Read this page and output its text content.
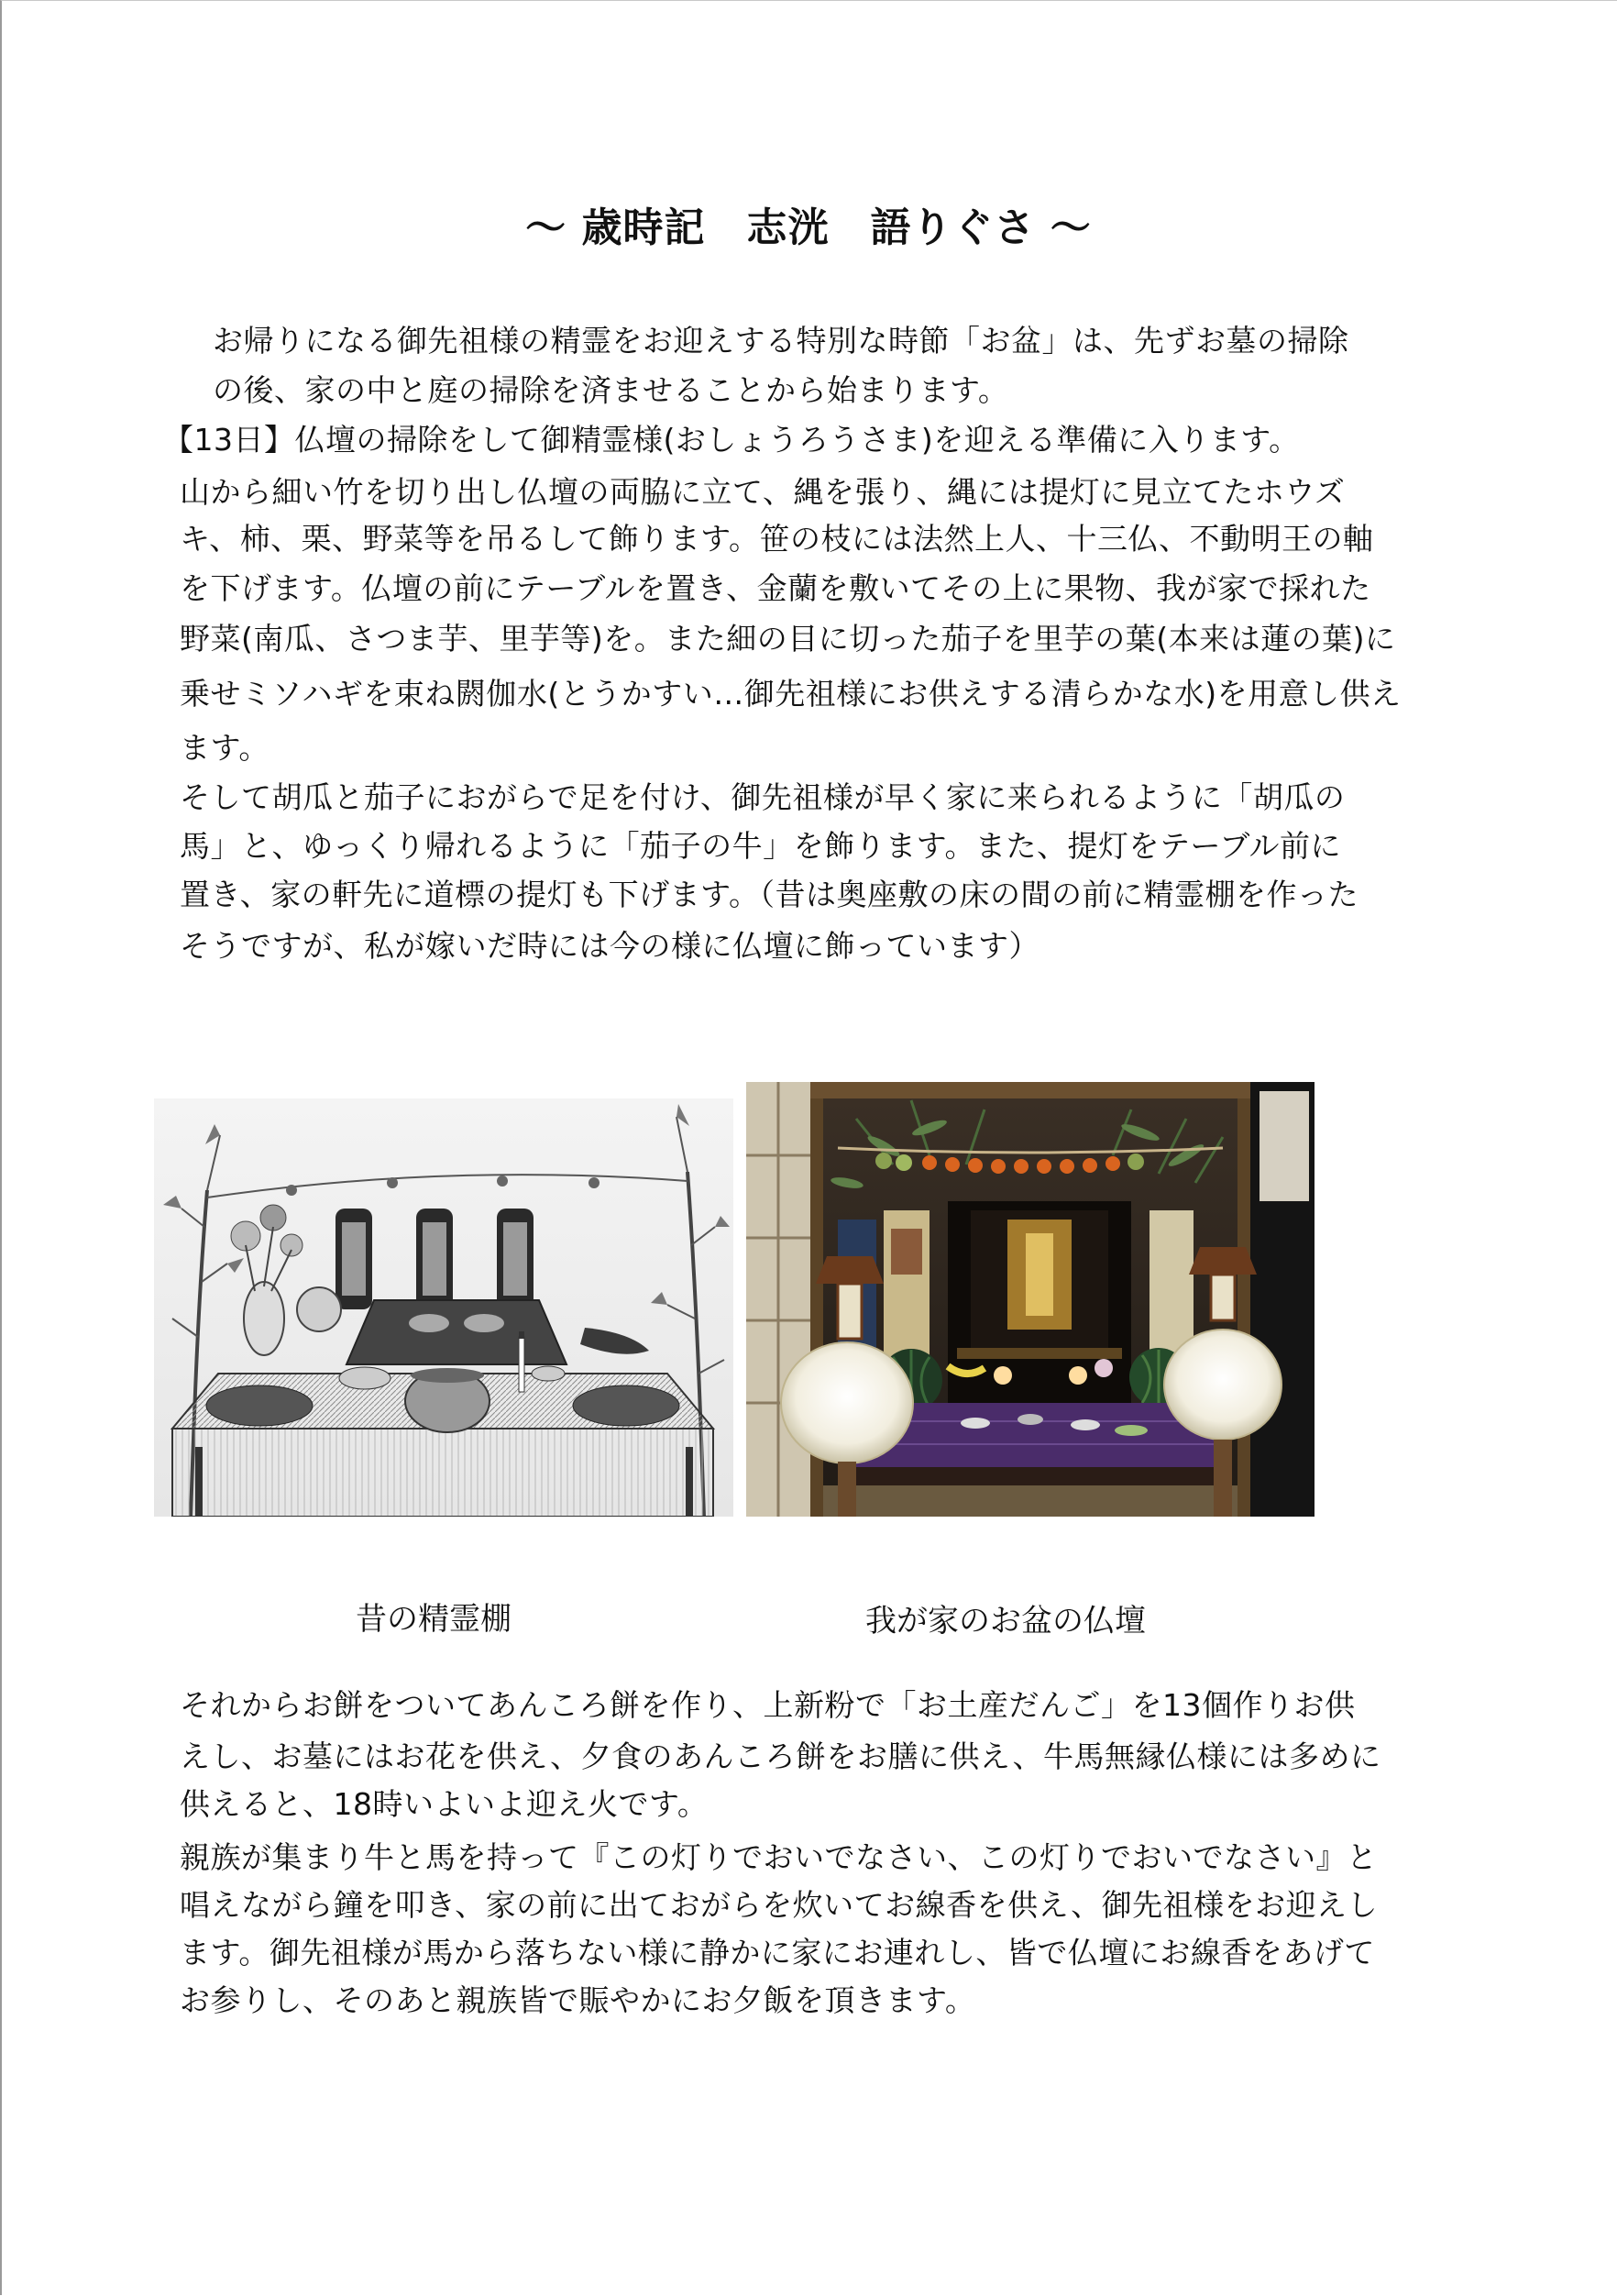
〜 歳時記　志洸　語りぐさ 〜
お帰りになる御先祖様の精霊をお迎えする特別な時節「お盆」は、先ずお墓の掃除
の後、家の中と庭の掃除を済ませることから始まります。
【13日】仏壇の掃除をして御精霊様(おしょうろうさま)を迎える準備に入ります。
山から細い竹を切り出し仏壇の両脇に立て、縄を張り、縄には提灯に見立てたホウズ
キ、柿、栗、野菜等を吊るして飾ります。笹の枝には法然上人、十三仏、不動明王の軸
を下げます。仏壇の前にテーブルを置き、金蘭を敷いてその上に果物、我が家で採れた
野菜(南瓜、さつま芋、里芋等)を。また細の目に切った茄子を里芋の葉(本来は蓮の葉)に
乗せミソハギを束ね閼伽水(とうかすい…御先祖様にお供えする清らかな水)を用意し供え
ます。
そして胡瓜と茄子におがらで足を付け、御先祖様が早く家に来られるように「胡瓜の
馬」と、ゆっくり帰れるように「茄子の牛」を飾ります。また、提灯をテーブル前に
置き、家の軒先に道標の提灯も下げます。（昔は奥座敷の床の間の前に精霊棚を作った
そうですが、私が嫁いだ時には今の様に仏壇に飾っています）
昔の精霊棚	我が家のお盆の仏壇
それからお餅をついてあんころ餅を作り、上新粉で「お土産だんご」を13個作りお供
えし、お墓にはお花を供え、夕食のあんころ餅をお膳に供え、牛馬無縁仏様には多めに
供えると、18時いよいよ迎え火です。
親族が集まり牛と馬を持って『この灯りでおいでなさい、この灯りでおいでなさい』と
唱えながら鐘を叩き、家の前に出ておがらを炊いてお線香を供え、御先祖様をお迎えし
ます。御先祖様が馬から落ちない様に静かに家にお連れし、皆で仏壇にお線香をあげて
お参りし、そのあと親族皆で賑やかにお夕飯を頂きます。
